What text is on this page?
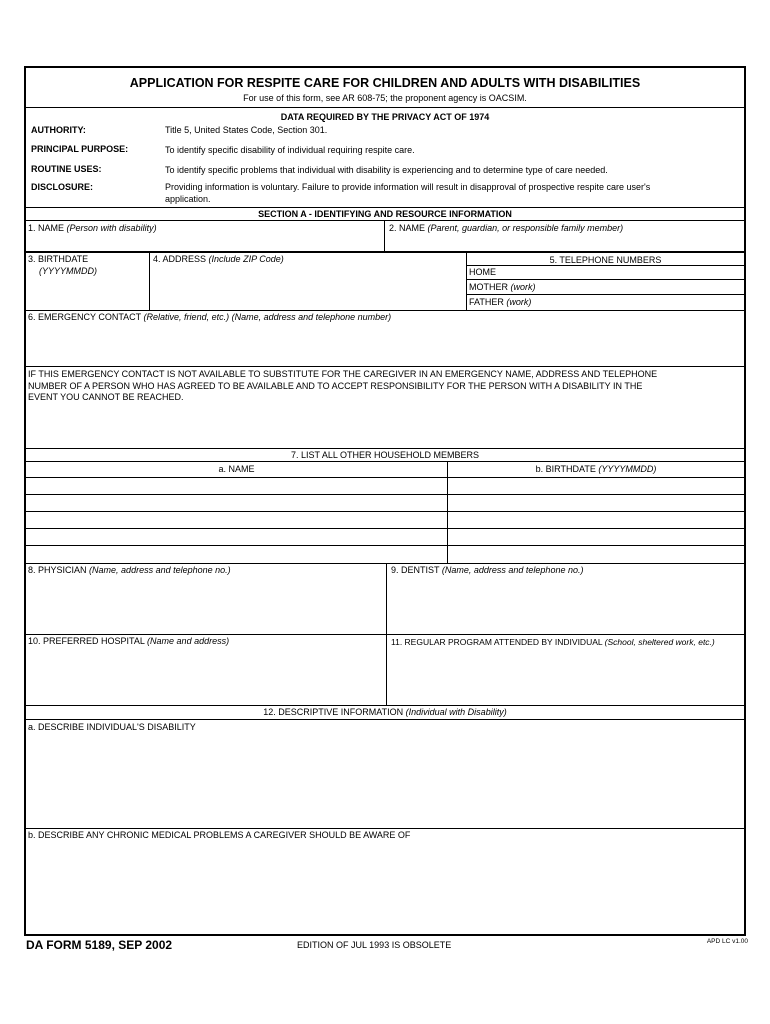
APPLICATION FOR RESPITE CARE FOR CHILDREN AND ADULTS WITH DISABILITIES
For use of this form, see AR 608-75; the proponent agency is OACSIM.
DATA REQUIRED BY THE PRIVACY ACT OF 1974
AUTHORITY:	Title 5, United States Code, Section 301.
PRINCIPAL PURPOSE:	To identify specific disability of individual requiring respite care.
ROUTINE USES:	To identify specific problems that individual with disability is experiencing and to determine type of care needed.
DISCLOSURE:	Providing information is voluntary. Failure to provide information will result in disapproval of prospective respite care user's
application.
SECTION A - IDENTIFYING AND RESOURCE INFORMATION
1. NAME (Person with disability)	2. NAME (Parent, guardian, or responsible family member)
3. BIRTHDATE
(YYYYMMDD)
4. ADDRESS (Include ZIP Code)	5. TELEPHONE NUMBERS
HOME
MOTHER (work)
FATHER (work)
6. EMERGENCY CONTACT (Relative, friend, etc.) (Name, address and telephone number)
IF THIS EMERGENCY CONTACT IS NOT AVAILABLE TO SUBSTITUTE FOR THE CAREGIVER IN AN EMERGENCY NAME, ADDRESS AND TELEPHONE
NUMBER OF A PERSON WHO HAS AGREED TO BE AVAILABLE AND TO ACCEPT RESPONSIBILITY FOR THE PERSON WITH A DISABILITY IN THE
EVENT YOU CANNOT BE REACHED.
7. LIST ALL OTHER HOUSEHOLD MEMBERS
a. NAME	b. BIRTHDATE (YYYYMMDD)
8. PHYSICIAN (Name, address and telephone no.)	9. DENTIST (Name, address and telephone no.)
10. PREFERRED HOSPITAL (Name and address)	11. REGULAR PROGRAM ATTENDED BY INDIVIDUAL (School, sheltered work, etc.)
12. DESCRIPTIVE INFORMATION (Individual with Disability)
a. DESCRIBE INDIVIDUAL'S DISABILITY
b. DESCRIBE ANY CHRONIC MEDICAL PROBLEMS A CAREGIVER SHOULD BE AWARE OF
DA FORM 5189, SEP 2002	EDITION OF JUL 1993 IS OBSOLETE	APD LC v1.00
